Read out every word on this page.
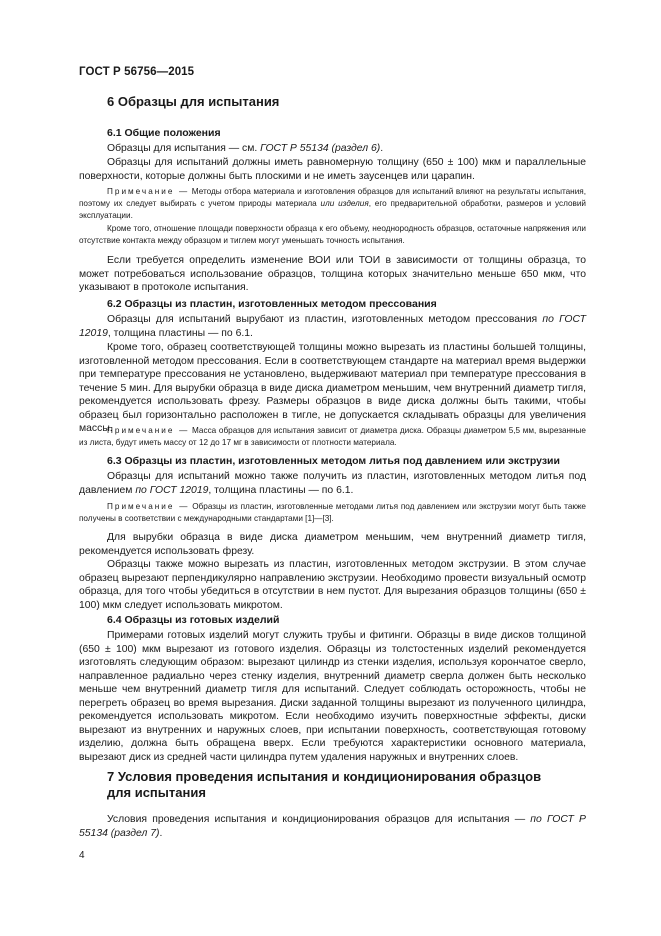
ГОСТ Р 56756—2015
6 Образцы для испытания
6.1 Общие положения
Образцы для испытания — см. ГОСТ Р 55134 (раздел 6).
Образцы для испытаний должны иметь равномерную толщину (650 ± 100) мкм и параллельные поверхности, которые должны быть плоскими и не иметь заусенцев или царапин.
Примечание — Методы отбора материала и изготовления образцов для испытаний влияют на результаты испытания, поэтому их следует выбирать с учетом природы материала или изделия, его предварительной обработки, размеров и условий эксплуатации.
Кроме того, отношение площади поверхности образца к его объему, неоднородность образцов, остаточные напряжения или отсутствие контакта между образцом и тиглем могут уменьшать точность испытания.
Если требуется определить изменение ВОИ или ТОИ в зависимости от толщины образца, то может потребоваться использование образцов, толщина которых значительно меньше 650 мкм, что указывают в протоколе испытания.
6.2 Образцы из пластин, изготовленных методом прессования
Образцы для испытаний вырубают из пластин, изготовленных методом прессования по ГОСТ 12019, толщина пластины — по 6.1.
Кроме того, образец соответствующей толщины можно вырезать из пластины большей толщины, изготовленной методом прессования. Если в соответствующем стандарте на материал время выдержки при температуре прессования не установлено, выдерживают материал при температуре прессования в течение 5 мин. Для вырубки образца в виде диска диаметром меньшим, чем внутренний диаметр тигля, рекомендуется использовать фрезу. Размеры образцов в виде диска должны быть такими, чтобы образец был горизонтально расположен в тигле, не допускается складывать образцы для увеличения массы.
Примечание — Масса образцов для испытания зависит от диаметра диска. Образцы диаметром 5,5 мм, вырезанные из листа, будут иметь массу от 12 до 17 мг в зависимости от плотности материала.
6.3 Образцы из пластин, изготовленных методом литья под давлением или экструзии
Образцы для испытаний можно также получить из пластин, изготовленных методом литья под давлением по ГОСТ 12019, толщина пластины — по 6.1.
Примечание — Образцы из пластин, изготовленные методами литья под давлением или экструзии могут быть также получены в соответствии с международными стандартами [1]—[3].
Для вырубки образца в виде диска диаметром меньшим, чем внутренний диаметр тигля, рекомендуется использовать фрезу.
Образцы также можно вырезать из пластин, изготовленных методом экструзии. В этом случае образец вырезают перпендикулярно направлению экструзии. Необходимо провести визуальный осмотр образца, для того чтобы убедиться в отсутствии в нем пустот. Для вырезания образцов толщины (650 ± 100) мкм следует использовать микротом.
6.4 Образцы из готовых изделий
Примерами готовых изделий могут служить трубы и фитинги. Образцы в виде дисков толщиной (650 ± 100) мкм вырезают из готового изделия. Образцы из толстостенных изделий рекомендуется изготовлять следующим образом: вырезают цилиндр из стенки изделия, используя корончатое сверло, направленное радиально через стенку изделия, внутренний диаметр сверла должен быть несколько меньше чем внутренний диаметр тигля для испытаний. Следует соблюдать осторожность, чтобы не перегреть образец во время вырезания. Диски заданной толщины вырезают из полученного цилиндра, рекомендуется использовать микротом. Если необходимо изучить поверхностные эффекты, диски вырезают из внутренних и наружных слоев, при испытании поверхность, соответствующая готовому изделию, должна быть обращена вверх. Если требуются характеристики основного материала, вырезают диск из средней части цилиндра путем удаления наружных и внутренних слоев.
7 Условия проведения испытания и кондиционирования образцов
для испытания
Условия проведения испытания и кондиционирования образцов для испытания — по ГОСТ Р 55134 (раздел 7).
4
